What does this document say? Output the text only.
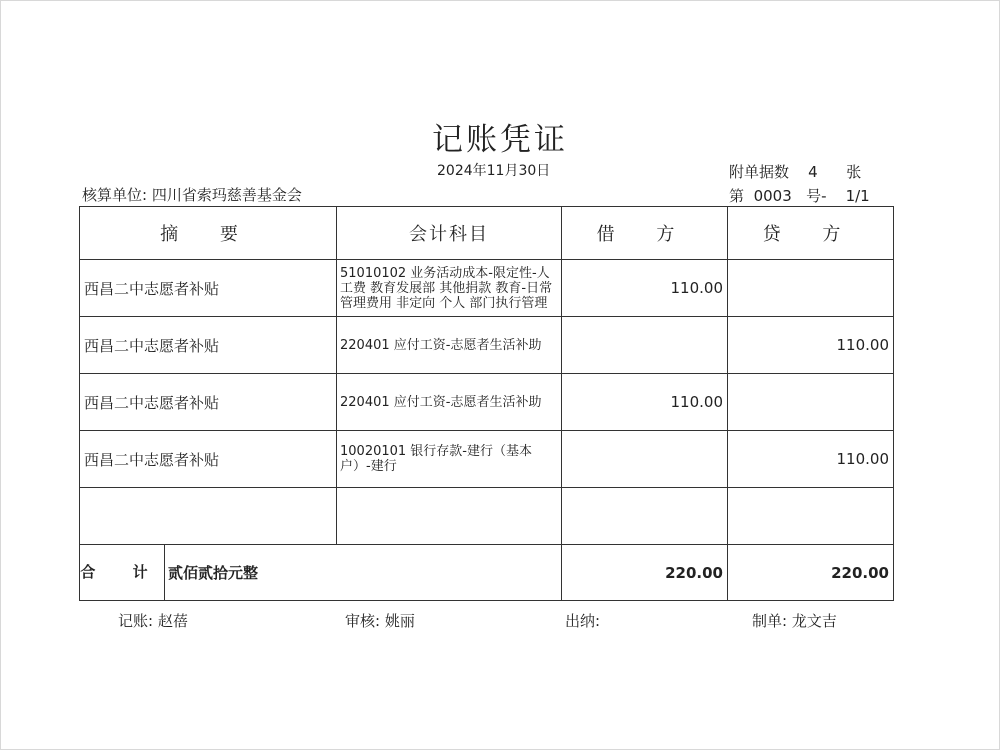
记账凭证
2024年11月30日	附单据数 4 张
核算单位: 四川省索玛慈善基金会	第 0003 号- 1/1
摘 要	会计科目	借 方	贷 方
西昌二中志愿者补贴	51010102 业务活动成本-限定性-人工费 教育发展部 其他捐款 教育-日常管理费用 非定向 个人 部门执行管理	110.00	
西昌二中志愿者补贴	220401 应付工资-志愿者生活补助		110.00
西昌二中志愿者补贴	220401 应付工资-志愿者生活补助	110.00	
西昌二中志愿者补贴	10020101 银行存款-建行（基本户）-建行		110.00

合 计 贰佰贰拾元整		220.00	220.00
记账: 赵蓓	审核: 姚丽	出纳:	制单: 龙文吉
